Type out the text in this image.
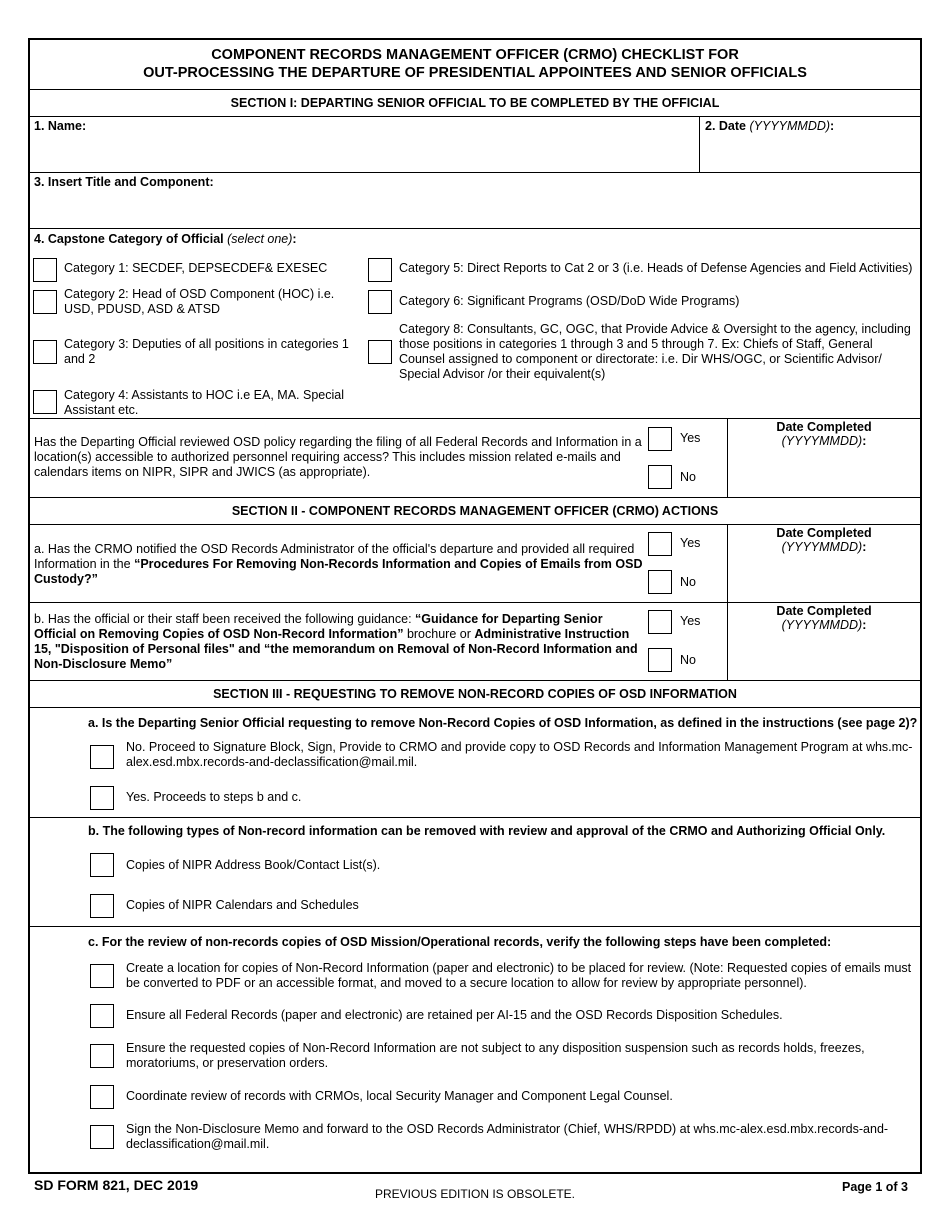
COMPONENT RECORDS MANAGEMENT OFFICER (CRMO) CHECKLIST FOR
OUT-PROCESSING THE DEPARTURE OF PRESIDENTIAL APPOINTEES AND SENIOR OFFICIALS
SECTION I: DEPARTING SENIOR OFFICIAL TO BE COMPLETED BY THE OFFICIAL
1. Name:	2. Date (YYYYMMDD):
3. Insert Title and Component:
4. Capstone Category of Official (select one):
Category 1: SECDEF, DEPSECDEF& EXESEC
Category 2: Head of OSD Component (HOC) i.e. USD, PDUSD, ASD & ATSD
Category 3: Deputies of all positions in categories 1 and 2
Category 4: Assistants to HOC i.e EA, MA. Special Assistant etc.
Category 5: Direct Reports to Cat 2 or 3 (i.e. Heads of Defense Agencies and Field Activities)
Category 6: Significant Programs (OSD/DoD Wide Programs)
Category 8: Consultants, GC, OGC, that Provide Advice & Oversight to the agency, including those positions in categories 1 through 3 and 5 through 7. Ex: Chiefs of Staff, General Counsel assigned to component or directorate: i.e. Dir WHS/OGC, or Scientific Advisor/ Special Advisor /or their equivalent(s)
Has the Departing Official reviewed OSD policy regarding the filing of all Federal Records and Information in a location(s) accessible to authorized personnel requiring access? This includes mission related e-mails and calendars items on NIPR, SIPR and JWICS (as appropriate).
Yes
No
Date Completed
(YYYYMMDD):
SECTION II - COMPONENT RECORDS MANAGEMENT OFFICER (CRMO) ACTIONS
a. Has the CRMO notified the OSD Records Administrator of the official's departure and provided all required Information in the “Procedures For Removing Non-Records Information and Copies of Emails from OSD Custody?”
Yes
No
Date Completed
(YYYYMMDD):
b. Has the official or their staff been received the following guidance: “Guidance for Departing Senior Official on Removing Copies of OSD Non-Record Information” brochure or Administrative Instruction 15, "Disposition of Personal files" and “the memorandum on Removal of Non-Record Information and Non-Disclosure Memo”
Yes
No
Date Completed
(YYYYMMDD):
SECTION III - REQUESTING TO REMOVE NON-RECORD COPIES OF OSD INFORMATION
a. Is the Departing Senior Official requesting to remove Non-Record Copies of OSD Information, as defined in the instructions (see page 2)?
No. Proceed to Signature Block, Sign, Provide to CRMO and provide copy to OSD Records and Information Management Program at whs.mc-alex.esd.mbx.records-and-declassification@mail.mil.
Yes. Proceeds to steps b and c.
b. The following types of Non-record information can be removed with review and approval of the CRMO and Authorizing Official Only.
Copies of NIPR Address Book/Contact List(s).
Copies of NIPR Calendars and Schedules
c. For the review of non-records copies of OSD Mission/Operational records, verify the following steps have been completed:
Create a location for copies of Non-Record Information (paper and electronic) to be placed for review. (Note: Requested copies of emails must be converted to PDF or an accessible format, and moved to a secure location to allow for review by appropriate personnel).
Ensure all Federal Records (paper and electronic) are retained per AI-15 and the OSD Records Disposition Schedules.
Ensure the requested copies of Non-Record Information are not subject to any disposition suspension such as records holds, freezes, moratoriums, or preservation orders.
Coordinate review of records with CRMOs, local Security Manager and Component Legal Counsel.
Sign the Non-Disclosure Memo and forward to the OSD Records Administrator (Chief, WHS/RPDD) at whs.mc-alex.esd.mbx.records-and-declassification@mail.mil.
SD FORM 821, DEC 2019
PREVIOUS EDITION IS OBSOLETE.	Page 1 of 3
